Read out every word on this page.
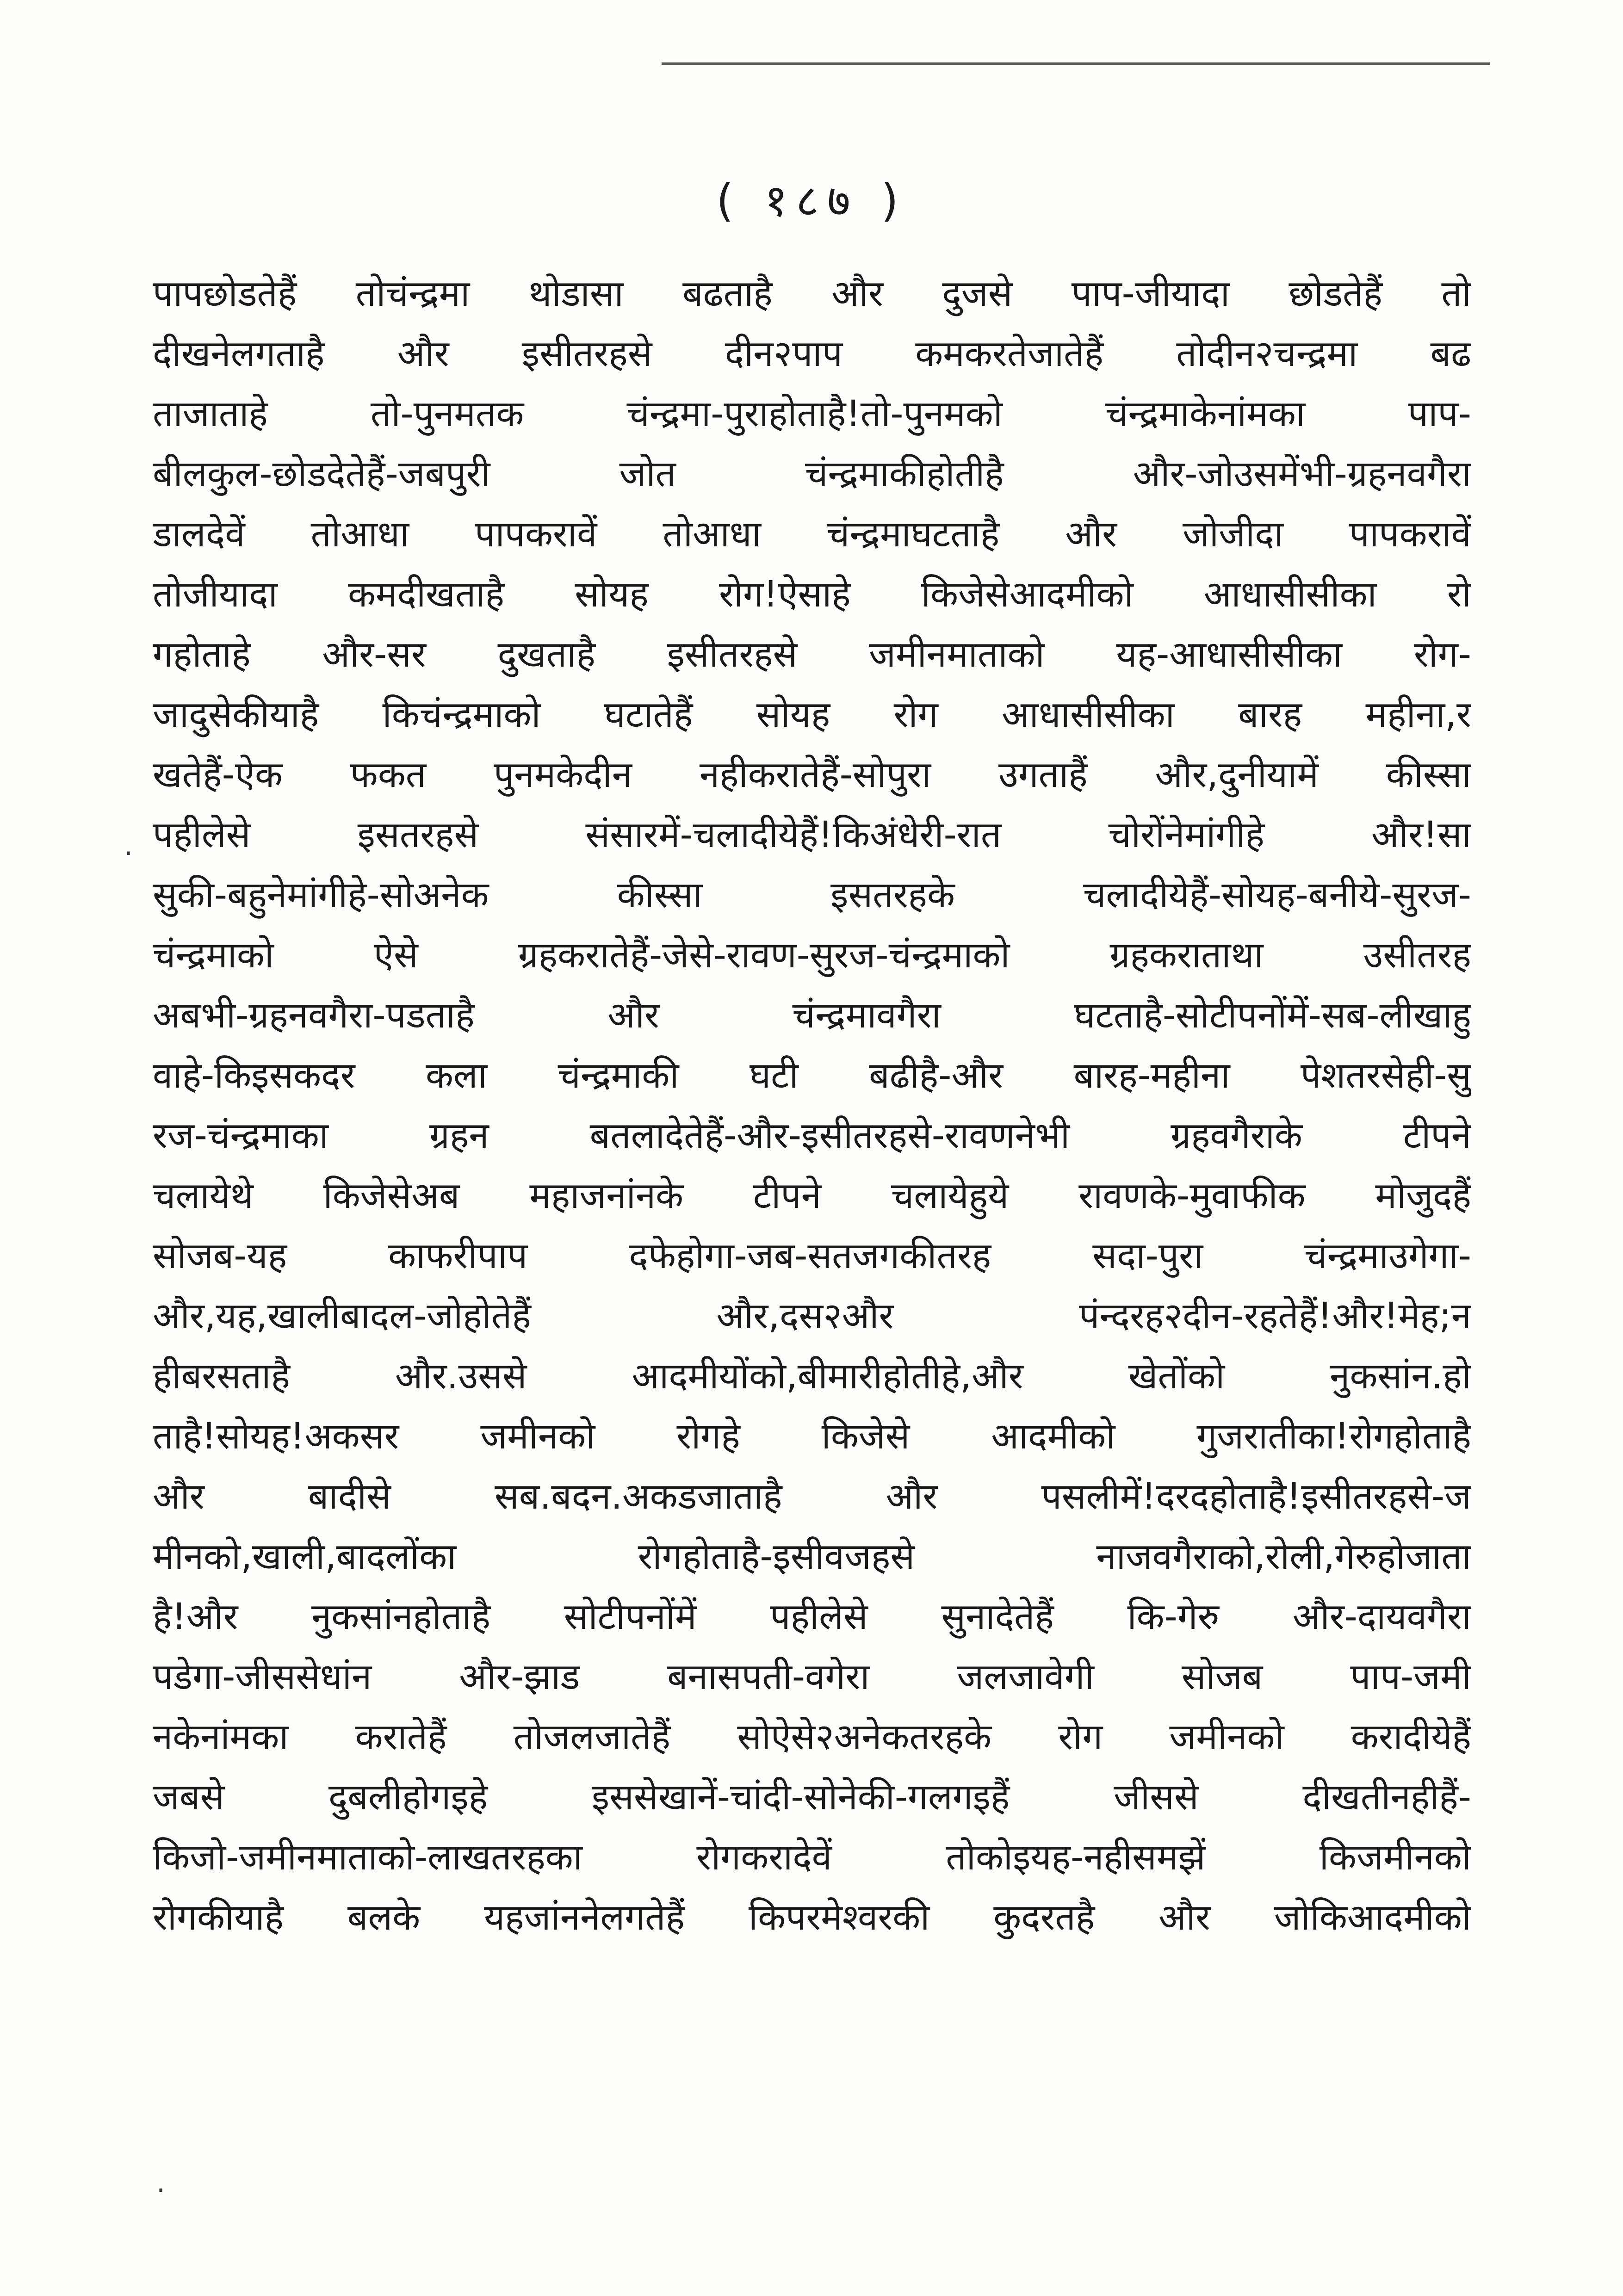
( १८७ )
·
·
पापछोडतेहैं तोचंन्द्रमा थोडासा बढताहै और दुजसे पाप-जीयादा छोडतेहैं तो
दीखनेलगताहै और इसीतरहसे दीन२पाप कमकरतेजातेहैं तोदीन२चन्द्रमा बढ
ताजाताहे तो-पुनमतक चंन्द्रमा-पुराहोताहै!तो-पुनमको चंन्द्रमाकेनांमका पाप-
बीलकुल-छोडदेतेहैं-जबपुरी जोत चंन्द्रमाकीहोतीहै और-जोउसमेंभी-ग्रहनवगैरा
डालदेवें तोआधा पापकरावें तोआधा चंन्द्रमाघटताहै और जोजीदा पापकरावें
तोजीयादा कमदीखताहै सोयह रोग!ऐसाहे किजेसेआदमीको आधासीसीका रो
गहोताहे और-सर दुखताहै इसीतरहसे जमीनमाताको यह-आधासीसीका रोग-
जादुसेकीयाहै किचंन्द्रमाको घटातेहैं सोयह रोग आधासीसीका बारह महीना,र
खतेहैं-ऐक फकत पुनमकेदीन नहीकरातेहैं-सोपुरा उगताहैं और,दुनीयामें कीस्सा
पहीलेसे इसतरहसे संसारमें-चलादीयेहैं!किअंधेरी-रात चोरोंनेमांगीहे और!सा
सुकी-बहुनेमांगीहे-सोअनेक कीस्सा इसतरहके चलादीयेहैं-सोयह-बनीये-सुरज-
चंन्द्रमाको ऐसे ग्रहकरातेहैं-जेसे-रावण-सुरज-चंन्द्रमाको ग्रहकराताथा उसीतरह
अबभी-ग्रहनवगैरा-पडताहै और चंन्द्रमावगैरा घटताहै-सोटीपनोंमें-सब-लीखाहु
वाहे-किइसकदर कला चंन्द्रमाकी घटी बढीहै-और बारह-महीना पेशतरसेही-सु
रज-चंन्द्रमाका ग्रहन बतलादेतेहैं-और-इसीतरहसे-रावणनेभी ग्रहवगैराके टीपने
चलायेथे किजेसेअब महाजनांनके टीपने चलायेहुये रावणके-मुवाफीक मोजुदहैं
सोजब-यह काफरीपाप दफेहोगा-जब-सतजगकीतरह सदा-पुरा चंन्द्रमाउगेगा-
और,यह,खालीबादल-जोहोतेहैं और,दस२और पंन्दरह२दीन-रहतेहैं!और!मेह;न
हीबरसताहै और.उससे आदमीयोंको,बीमारीहोतीहे,और खेतोंको नुकसांन.हो
ताहै!सोयह!अकसर जमीनको रोगहे किजेसे आदमीको गुजरातीका!रोगहोताहै
और बादीसे सब.बदन.अकडजाताहै और पसलीमें!दरदहोताहै!इसीतरहसे-ज
मीनको,खाली,बादलोंका रोगहोताहै-इसीवजहसे नाजवगैराको,रोली,गेरुहोजाता
है!और नुकसांनहोताहै सोटीपनोंमें पहीलेसे सुनादेतेहैं कि-गेरु और-दायवगैरा
पडेगा-जीससेधांन और-झाड बनासपती-वगेरा जलजावेगी सोजब पाप-जमी
नकेनांमका करातेहैं तोजलजातेहैं सोऐसे२अनेकतरहके रोग जमीनको करादीयेहैं
जबसे दुबलीहोगइहे इससेखानें-चांदी-सोनेकी-गलगइहैं जीससे दीखतीनहीहैं-
किजो-जमीनमाताको-लाखतरहका रोगकरादेवें तोकोइयह-नहीसमझें किजमीनको
रोगकीयाहै बलके यहजांननेलगतेहैं किपरमेश्वरकी कुदरतहै और जोकिआदमीको
